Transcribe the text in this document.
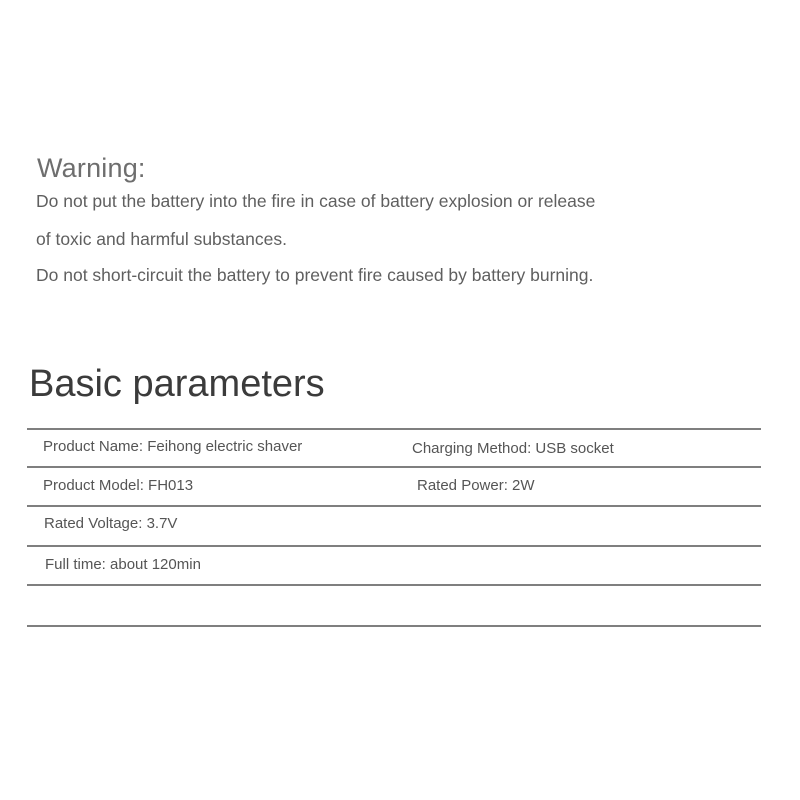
Warning:

Do not put the battery into the fire in case of battery explosion or release

of toxic and harmful substances.

Do not short-circuit the battery to prevent fire caused by battery burning.

Basic parameters
Product Name: Feihong electric shaver	Charging Method: USB socket
Product Model: FH013	Rated Power: 2W
Rated Voltage: 3.7V
Full time: about 120min
